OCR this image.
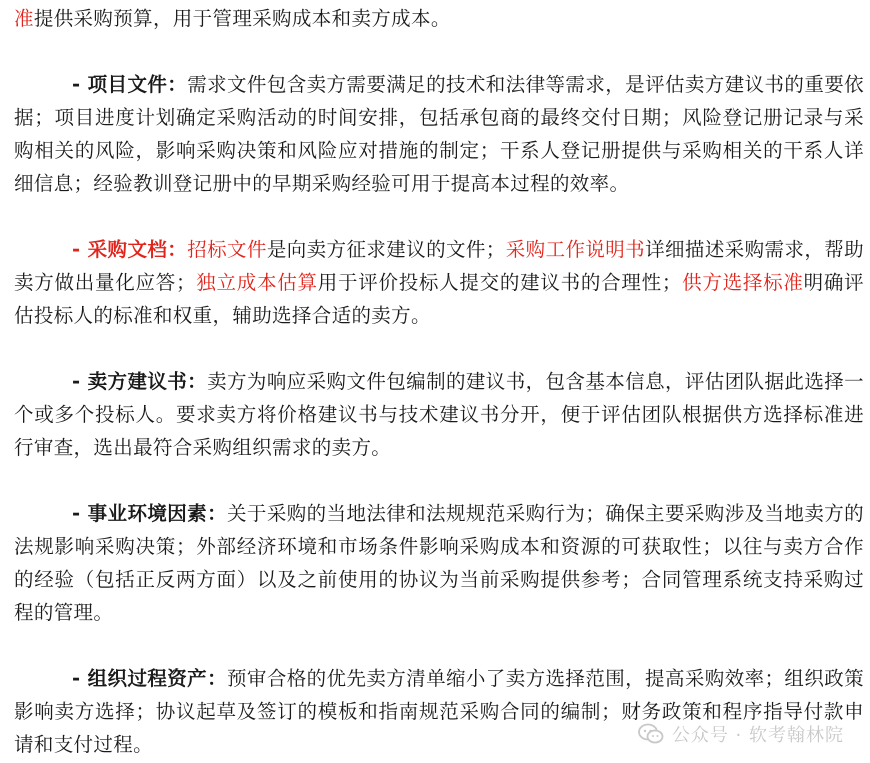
准提供采购预算，用于管理采购成本和卖方成本。

- 项目文件：需求文件包含卖方需要满足的技术和法律等需求，是评估卖方建议书的重要依据；项目进度计划确定采购活动的时间安排，包括承包商的最终交付日期；风险登记册记录与采购相关的风险，影响采购决策和风险应对措施的制定；干系人登记册提供与采购相关的干系人详细信息；经验教训登记册中的早期采购经验可用于提高本过程的效率。

- 采购文档：招标文件是向卖方征求建议的文件；采购工作说明书详细描述采购需求，帮助卖方做出量化应答；独立成本估算用于评价投标人提交的建议书的合理性；供方选择标准明确评估投标人的标准和权重，辅助选择合适的卖方。

- 卖方建议书：卖方为响应采购文件包编制的建议书，包含基本信息，评估团队据此选择一个或多个投标人。要求卖方将价格建议书与技术建议书分开，便于评估团队根据供方选择标准进行审查，选出最符合采购组织需求的卖方。

- 事业环境因素：关于采购的当地法律和法规规范采购行为；确保主要采购涉及当地卖方的法规影响采购决策；外部经济环境和市场条件影响采购成本和资源的可获取性；以往与卖方合作的经验（包括正反两方面）以及之前使用的协议为当前采购提供参考；合同管理系统支持采购过程的管理。

- 组织过程资产：预审合格的优先卖方清单缩小了卖方选择范围，提高采购效率；组织政策影响卖方选择；协议起草及签订的模板和指南规范采购合同的编制；财务政策和程序指导付款申请和支付过程。	公众号 · 软考翰林院
